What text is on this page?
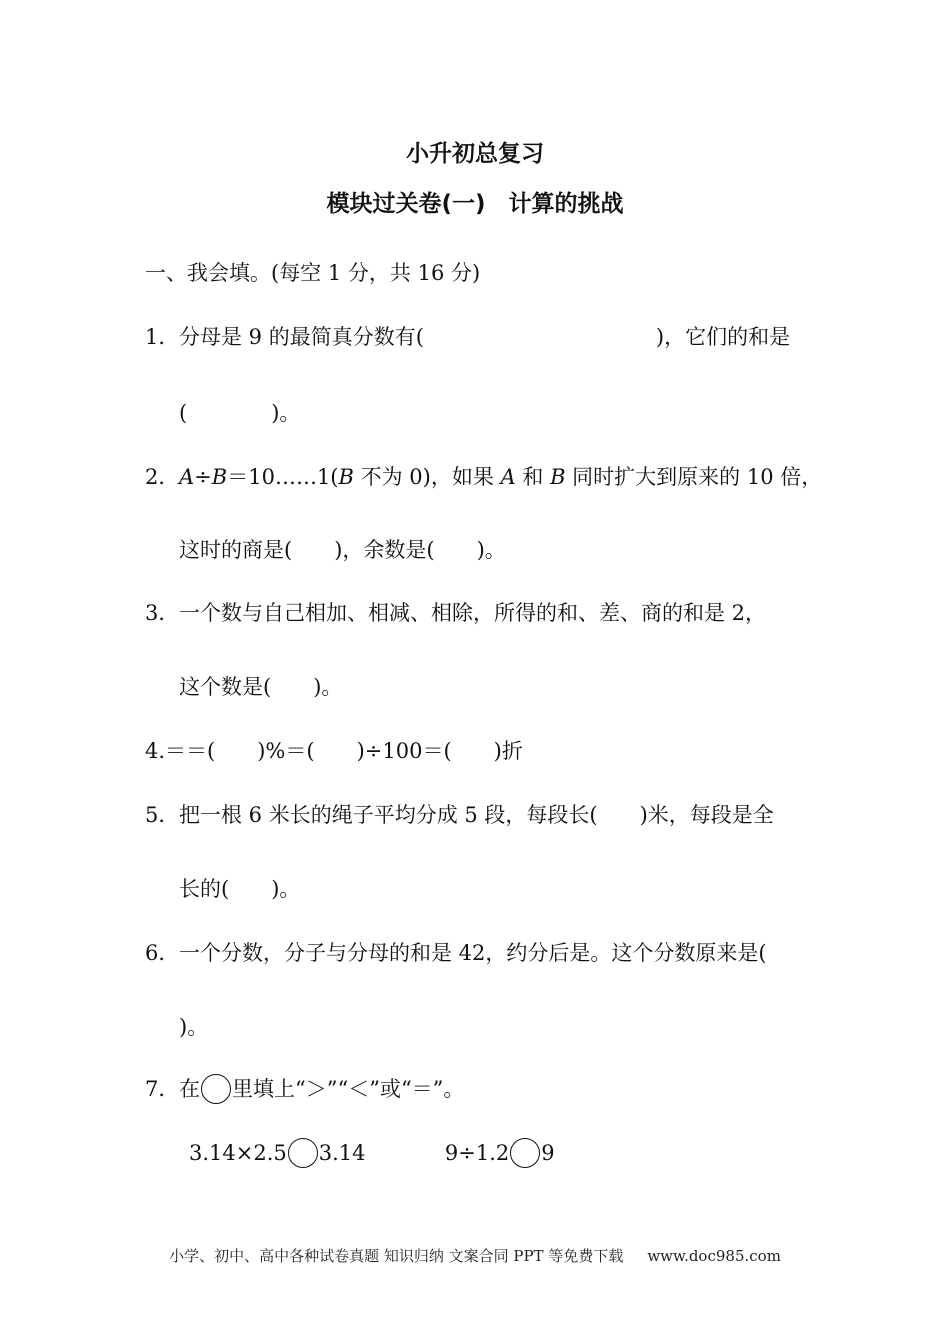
小升初总复习
模块过关卷(一)　计算的挑战
一、我会填。(每空 1 分，共 16 分)
1．分母是 9 的最简真分数有(	)，它们的和是
(　　　　)。
2．A÷B＝10……1(B 不为 0)，如果 A 和 B 同时扩大到原来的 10 倍，
这时的商是(　　)，余数是(　　)。
3．一个数与自己相加、相减、相除，所得的和、差、商的和是 2，
这个数是(　　)。
4.＝＝(　　)%＝(　　)÷100＝(　　)折
5．把一根 6 米长的绳子平均分成 5 段，每段长(　　)米，每段是全
长的(　　)。
6．一个分数，分子与分母的和是 42，约分后是。这个分数原来是(
)。
7．在 里填上“＞”“＜”或“＝”。
3.14×2.5 3.14	9÷1.2 9
小学、初中、高中各种试卷真题 知识归纳 文案合同 PPT 等免费下载 www.doc985.com
